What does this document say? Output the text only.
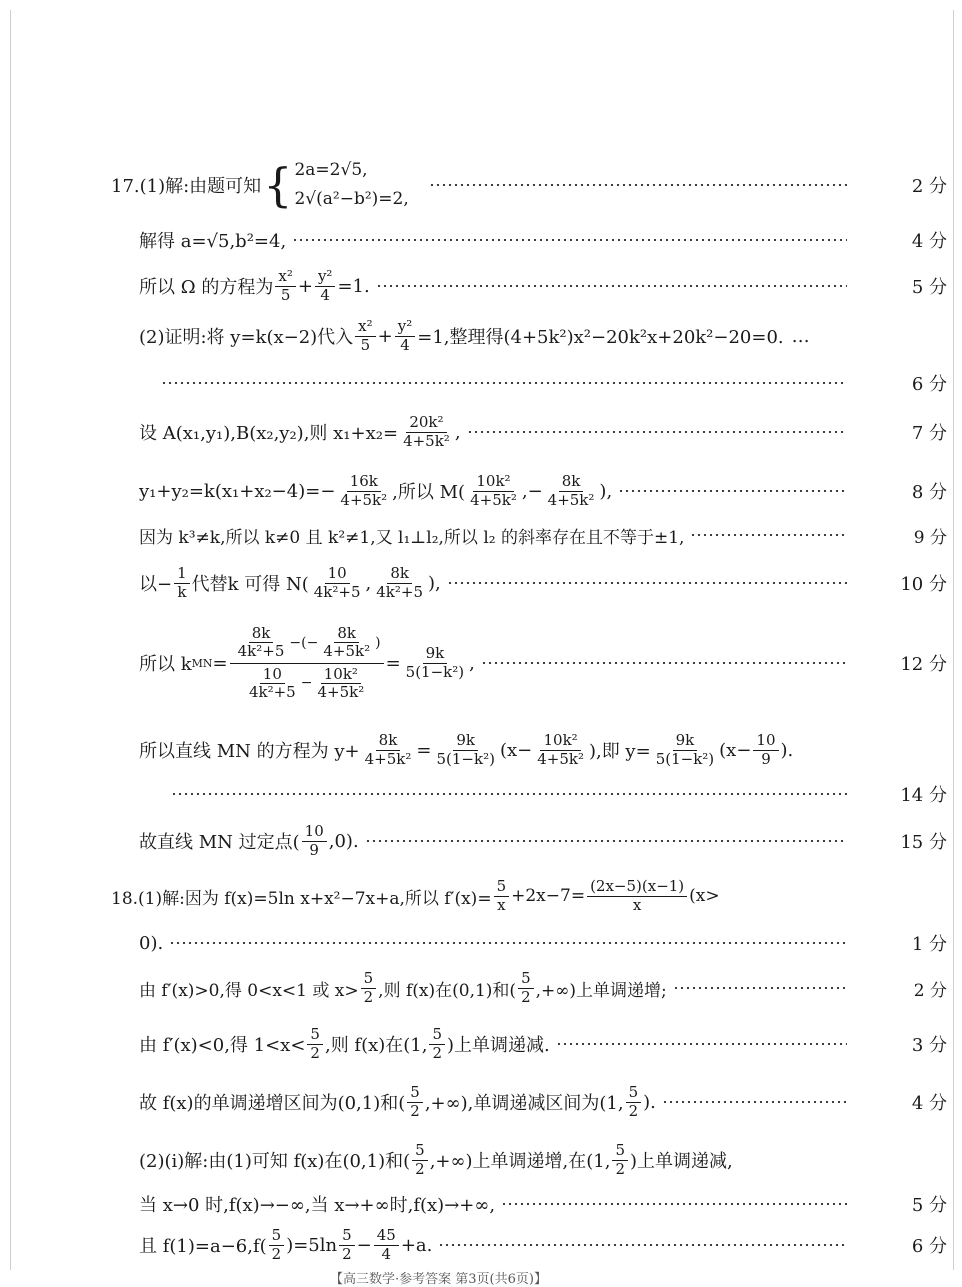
17.(1)解:由题可知 { 2a=2√5,
2√(a²−b²)=2,
2 分
解得 a=√5,b²=4,	4 分
所以 Ω 的方程为 $\frac{\text{x²}}{5} + \frac{\text{y²}}{4} =1$.	5 分
(2)证明:将 y=k(x−2)代入 $\frac{\text{x²}}{5} + \frac{\text{y²}}{4} =1$,整理得(4+5k²)x²−20k²x+20k²−20=0. …
6 分
设 A(x₁,y₁),B(x₂,y₂),则 $x_1+x_2= \frac{\text{20k²}}{\text{4+5k²}}$ ,	7 分
$y_1+y_2=k(x_1+x_2-4)=- \frac{16k}{\text{4+5k²}}$ ,所以 $M( \frac{\text{10k²}}{\text{4+5k²}}$ ,− $\frac{8k}{\text{4+5k²}}$ ),	8 分
因为 k³≠k,所以 k≠0 且 k²≠1,又 l₁⊥l₂,所以 l₂ 的斜率存在且不等于±1,	9 分
以− $\frac{1}{k}$ 代替k 可得 $N( \frac{10}{\text{4k²+5}}$ , $\frac{8k}{\text{4k²+5}}$ ),	10 分
所以 k MN = $\frac{\frac{8k}{\text{4k²+5}} -(- \frac{8k}{\text{4+5k²}} )}{\frac{10}{\text{4k²+5}} - \frac{\text{10k²}}{\text{4+5k²}}} = \frac{9k}{\text{5(1−k²)}}$ ,	12 分
所以直线 MN 的方程为 $y+ \frac{8k}{\text{4+5k²}} = \frac{9k}{\text{5(1−k²)}} (x- \frac{\text{10k²}}{\text{4+5k²}}$ ),即 $y= \frac{9k}{\text{5(1−k²)}} (x- \frac{10}{9}$ ).
14 分
故直线 MN 过定点( $\frac{10}{9} ,0$).	15 分
18.(1)解:因为 f(x)=5ln x+x²−7x+a,所以 $f'(x)= \frac{5}{x} +2x-7= \frac{(2x-5)(x-1)}{x} (x>$
0).	1 分
由 f′(x)>0,得 0<x<1 或 $x> \frac{5}{2}$ ,则 f(x)在(0,1)和( $\frac{5}{2}$ ,+∞)上单调递增;	2 分
由 f′(x)<0,得 $1<x< \frac{5}{2}$ ,则 f(x)在(1, $\frac{5}{2}$ )上单调递减.	3 分
故 f(x)的单调递增区间为(0,1)和( $\frac{5}{2}$ ,+∞),单调递减区间为(1, $\frac{5}{2}$ ).	4 分
(2)(ⅰ)解:由(1)可知 f(x)在(0,1)和( $\frac{5}{2}$ ,+∞)上单调递增,在(1, $\frac{5}{2}$ )上单调递减,
当 x→0 时,f(x)→−∞,当 x→+∞时,f(x)→+∞,	5 分
且 $f(1)=a-6,f( \frac{5}{2} )=5\ln \frac{5}{2} - \frac{45}{4} +a$.	6 分
【高三数学·参考答案 第3页(共6页)】
